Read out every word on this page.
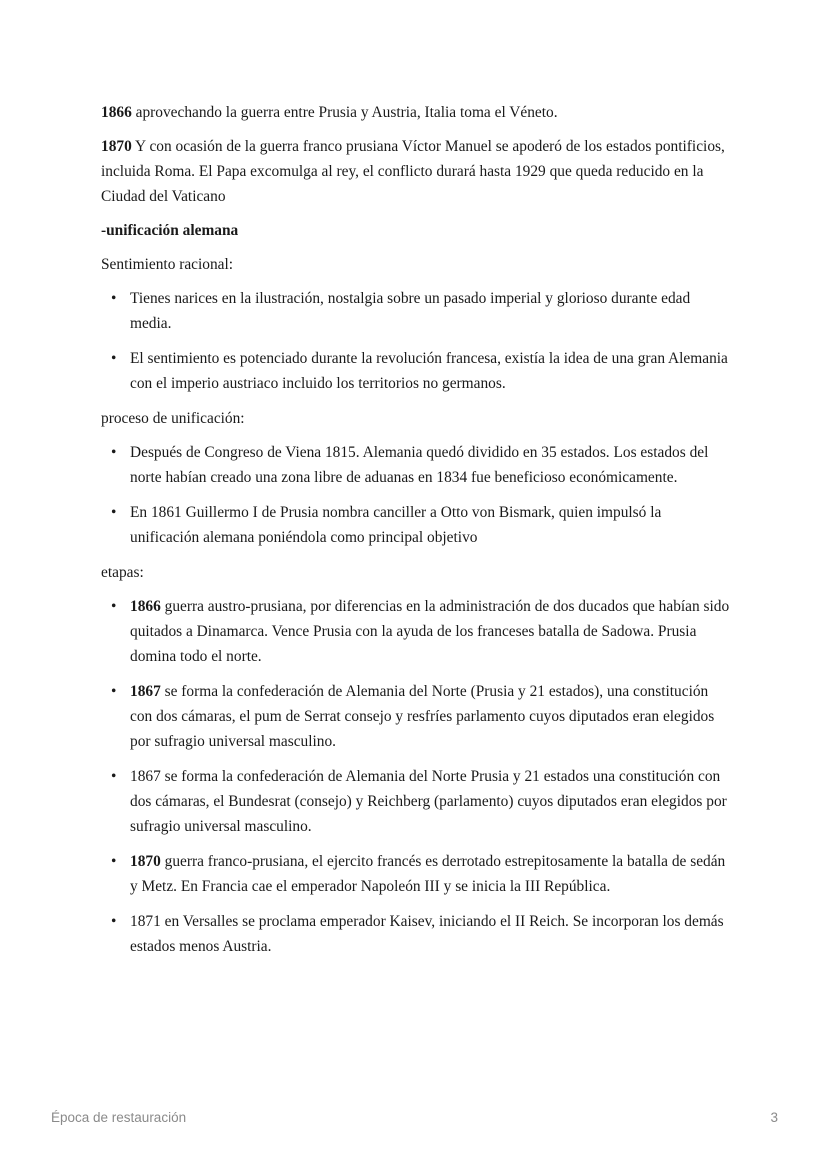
1866 aprovechando la guerra entre Prusia y Austria, Italia toma el Véneto.

1870 Y con ocasión de la guerra franco prusiana Víctor Manuel se apoderó de los estados pontificios, incluida Roma. El Papa excomulga al rey, el conflicto durará hasta 1929 que queda reducido en la Ciudad del Vaticano

-unificación alemana

Sentimiento racional:

• Tienes narices en la ilustración, nostalgia sobre un pasado imperial y glorioso durante edad media.
• El sentimiento es potenciado durante la revolución francesa, existía la idea de una gran Alemania con el imperio austriaco incluido los territorios no germanos.

proceso de unificación:

• Después de Congreso de Viena 1815. Alemania quedó dividido en 35 estados. Los estados del norte habían creado una zona libre de aduanas en 1834 fue beneficioso económicamente.
• En 1861 Guillermo I de Prusia nombra canciller a Otto von Bismark, quien impulsó la unificación alemana poniéndola como principal objetivo

etapas:

• 1866 guerra austro-prusiana, por diferencias en la administración de dos ducados que habían sido quitados a Dinamarca. Vence Prusia con la ayuda de los franceses batalla de Sadowa. Prusia domina todo el norte.
• 1867 se forma la confederación de Alemania del Norte (Prusia y 21 estados), una constitución con dos cámaras, el pum de Serrat consejo y resfríes parlamento cuyos diputados eran elegidos por sufragio universal masculino.
• 1867 se forma la confederación de Alemania del Norte Prusia y 21 estados una constitución con dos cámaras, el Bundesrat (consejo) y Reichberg (parlamento) cuyos diputados eran elegidos por sufragio universal masculino.
• 1870 guerra franco-prusiana, el ejercito francés es derrotado estrepitosamente la batalla de sedán y Metz. En Francia cae el emperador Napoleón III y se inicia la III República.
• 1871 en Versalles se proclama emperador Kaisev, iniciando el II Reich. Se incorporan los demás estados menos Austria.
Época de restauración	3
